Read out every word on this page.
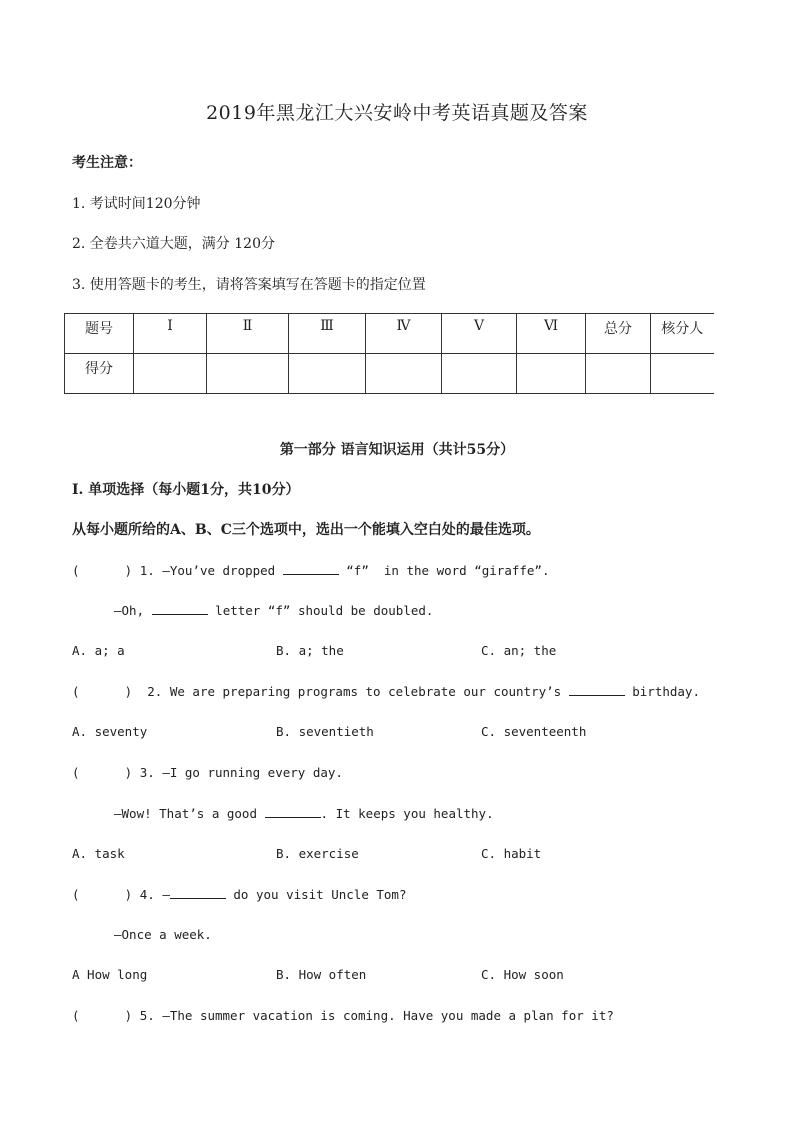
2019年黑龙江大兴安岭中考英语真题及答案
考生注意：
1. 考试时间120分钟
2. 全卷共六道大题，满分 120分
3. 使用答题卡的考生，请将答案填写在答题卡的指定位置
题号	Ⅰ	Ⅱ	Ⅲ	Ⅳ	Ⅴ	Ⅵ	总分	核分人
得分								
第一部分 语言知识运用（共计55分）
Ⅰ. 单项选择（每小题1分，共10分）
从每小题所给的A、B、C三个选项中，选出一个能填入空白处的最佳选项。
(      ) 1. —You’ve dropped	“f”  in the word “giraffe”.
—Oh,	letter “f” should be doubled.
A. a; a	B. a; the	C. an; the
(      )  2. We are preparing programs to celebrate our country’s	birthday.
A. seventy	B. seventieth	C. seventeenth
(      ) 3. —I go running every day.
—Wow! That’s a good	. It keeps you healthy.
A. task	B. exercise	C. habit
(      ) 4. —	do you visit Uncle Tom?
—Once a week.
A How long	B. How often	C. How soon
(      ) 5. —The summer vacation is coming. Have you made a plan for it?
